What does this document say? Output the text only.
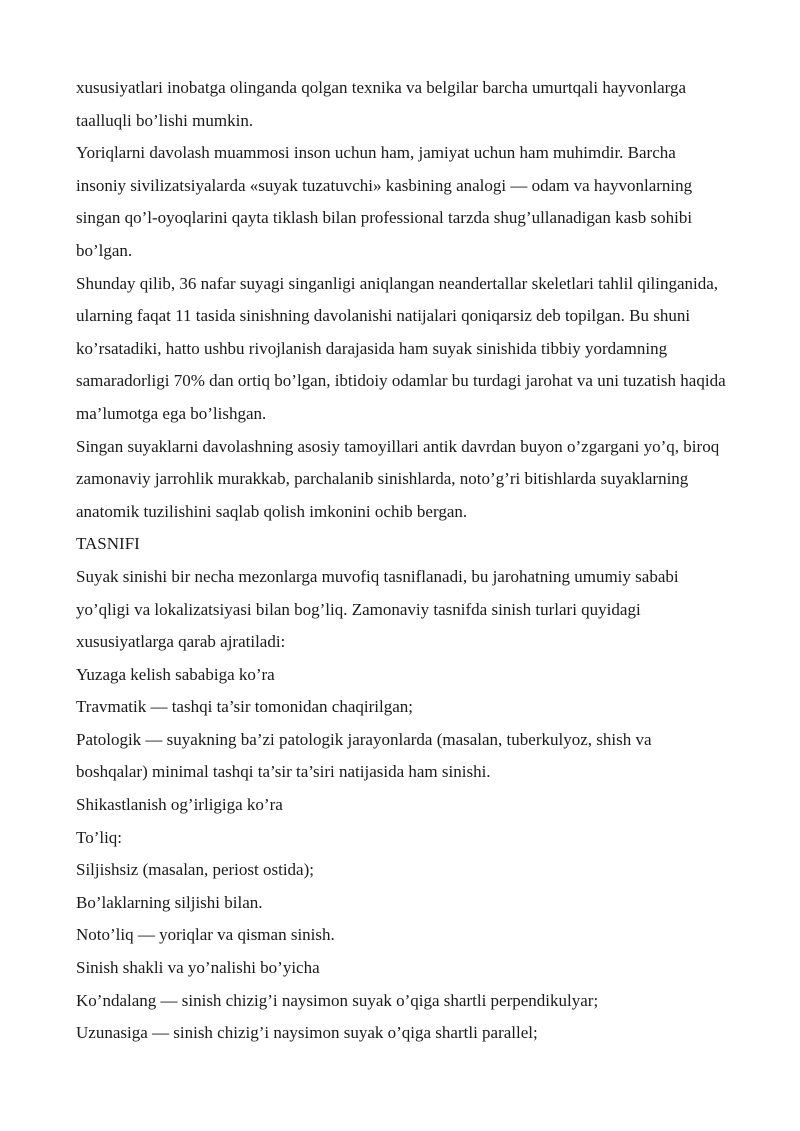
xususiyatlari inobatga olinganda qolgan texnika va belgilar barcha umurtqali hayvonlarga taalluqli bo’lishi mumkin.

Yoriqlarni davolash muammosi inson uchun ham, jamiyat uchun ham muhimdir. Barcha insoniy sivilizatsiyalarda «suyak tuzatuvchi» kasbining analogi — odam va hayvonlarning singan qo’l-oyoqlarini qayta tiklash bilan professional tarzda shug’ullanadigan kasb sohibi bo’lgan.

Shunday qilib, 36 nafar suyagi singanligi aniqlangan neandertallar skeletlari tahlil qilinganida, ularning faqat 11 tasida sinishning davolanishi natijalari qoniqarsiz deb topilgan. Bu shuni ko’rsatadiki, hatto ushbu rivojlanish darajasida ham suyak sinishida tibbiy yordamning samaradorligi 70% dan ortiq bo’lgan, ibtidoiy odamlar bu turdagi jarohat va uni tuzatish haqida ma’lumotga ega bo’lishgan.

Singan suyaklarni davolashning asosiy tamoyillari antik davrdan buyon o’zgargani yo’q, biroq zamonaviy jarrohlik murakkab, parchalanib sinishlarda, noto’g’ri bitishlarda suyaklarning anatomik tuzilishini saqlab qolish imkonini ochib bergan.

TASNIFI

Suyak sinishi bir necha mezonlarga muvofiq tasniflanadi, bu jarohatning umumiy sababi yo’qligi va lokalizatsiyasi bilan bog’liq. Zamonaviy tasnifda sinish turlari quyidagi xususiyatlarga qarab ajratiladi:

Yuzaga kelish sababiga ko’ra

Travmatik — tashqi ta’sir tomonidan chaqirilgan;

Patologik — suyakning ba’zi patologik jarayonlarda (masalan, tuberkulyoz, shish va boshqalar) minimal tashqi ta’sir ta’siri natijasida ham sinishi.

Shikastlanish og’irligiga ko’ra

To’liq:

Siljishsiz (masalan, periost ostida);

Bo’laklarning siljishi bilan.

Noto’liq — yoriqlar va qisman sinish.

Sinish shakli va yo’nalishi bo’yicha

Ko’ndalang — sinish chizig’i naysimon suyak o’qiga shartli perpendikulyar;

Uzunasiga — sinish chizig’i naysimon suyak o’qiga shartli parallel;
